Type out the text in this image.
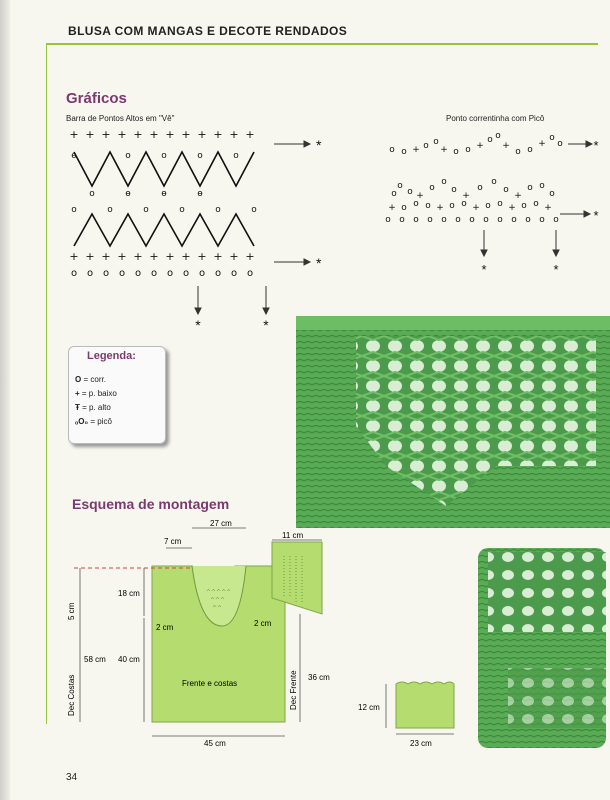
BLUSA COM MANGAS E DECOTE RENDADOS
Gráficos
Barra de Pontos Altos em "Vê"	Ponto correntinha com Picô
+ + + + + + + + + + + +
ɵ	o	o	o	o
o	ɵ	ɵ	ɵ
o	o	o	o	o	o
+ + + + + + + + + + + +
o o o o o o o o o o o o
*
*
*	*
o o + o o
+ o o +
o o
+
o o
+
o
o
o
o
o +
o
o
o
+
o
o
o
+
o o
o
+ o o o + o o + o o + o o +
o o o o o o o o o o o o o
*
*
*	*
Legenda:
O = corr.
+ = p. baixo
Ŧ = p. alto
ₒO₀ = picô
Esquema de montagem
^^^^^
^^^
^^
27 cm
7 cm
11 cm
18 cm
2 cm	2 cm
58 cm 40 cm
36 cm
45 cm
Frente e costas
Dec Costas	Dec Frente
5 cm
12 cm
23 cm
34
